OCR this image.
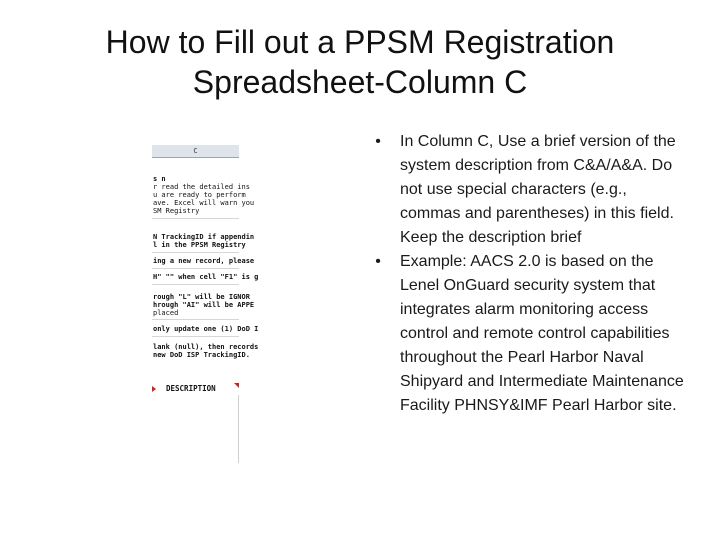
How to Fill out a PPSM Registration
Spreadsheet-Column C
C
s n
r read the detailed ins
u are ready to perform
ave. Excel will warn you
SM Registry
N TrackingID if appendin
l in the PPSM Registry
ing a new record, please
H" "" when cell "F1" is g
rough "L" will be IGNOR
hrough "AI" will be APPE
placed
only update one (1) DoD I
lank (null), then records
new DoD ISP TrackingID.
DESCRIPTION
•	In Column C, Use a brief version of the system description from C&A/A&A. Do not use special characters (e.g., commas and parentheses) in this field. Keep the description brief
•	Example: AACS 2.0 is based on the Lenel OnGuard security system that integrates alarm monitoring access control and remote control capabilities throughout the Pearl Harbor Naval Shipyard and Intermediate Maintenance Facility PHNSY&IMF Pearl Harbor site.
